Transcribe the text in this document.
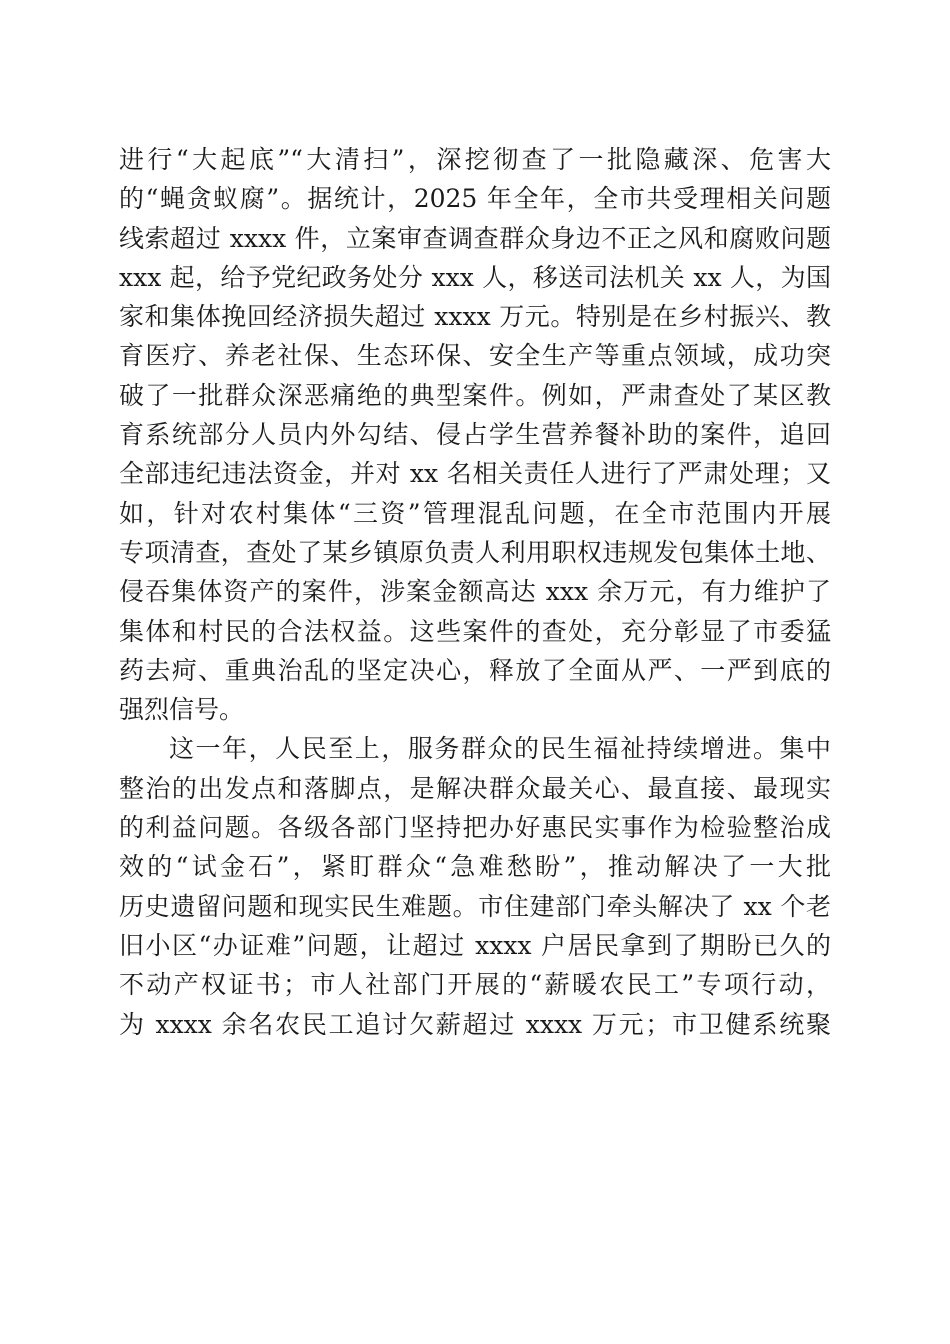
进行“大起底”“大清扫”，深挖彻查了一批隐藏深、危害大
的“蝇贪蚁腐”。据统计，2025 年全年，全市共受理相关问题
线索超过 xxxx 件，立案审查调查群众身边不正之风和腐败问题
xxx 起，给予党纪政务处分 xxx 人，移送司法机关 xx 人，为国
家和集体挽回经济损失超过 xxxx 万元。特别是在乡村振兴、教
育医疗、养老社保、生态环保、安全生产等重点领域，成功突
破了一批群众深恶痛绝的典型案件。例如，严肃查处了某区教
育系统部分人员内外勾结、侵占学生营养餐补助的案件，追回
全部违纪违法资金，并对 xx 名相关责任人进行了严肃处理；又
如，针对农村集体“三资”管理混乱问题，在全市范围内开展
专项清查，查处了某乡镇原负责人利用职权违规发包集体土地、
侵吞集体资产的案件，涉案金额高达 xxx 余万元，有力维护了
集体和村民的合法权益。这些案件的查处，充分彰显了市委猛
药去疴、重典治乱的坚定决心，释放了全面从严、一严到底的
强烈信号。
这一年，人民至上，服务群众的民生福祉持续增进。集中
整治的出发点和落脚点，是解决群众最关心、最直接、最现实
的利益问题。各级各部门坚持把办好惠民实事作为检验整治成
效的“试金石”，紧盯群众“急难愁盼”，推动解决了一大批
历史遗留问题和现实民生难题。市住建部门牵头解决了 xx 个老
旧小区“办证难”问题，让超过 xxxx 户居民拿到了期盼已久的
不动产权证书；市人社部门开展的“薪暖农民工”专项行动，
为 xxxx 余名农民工追讨欠薪超过 xxxx 万元；市卫健系统聚
